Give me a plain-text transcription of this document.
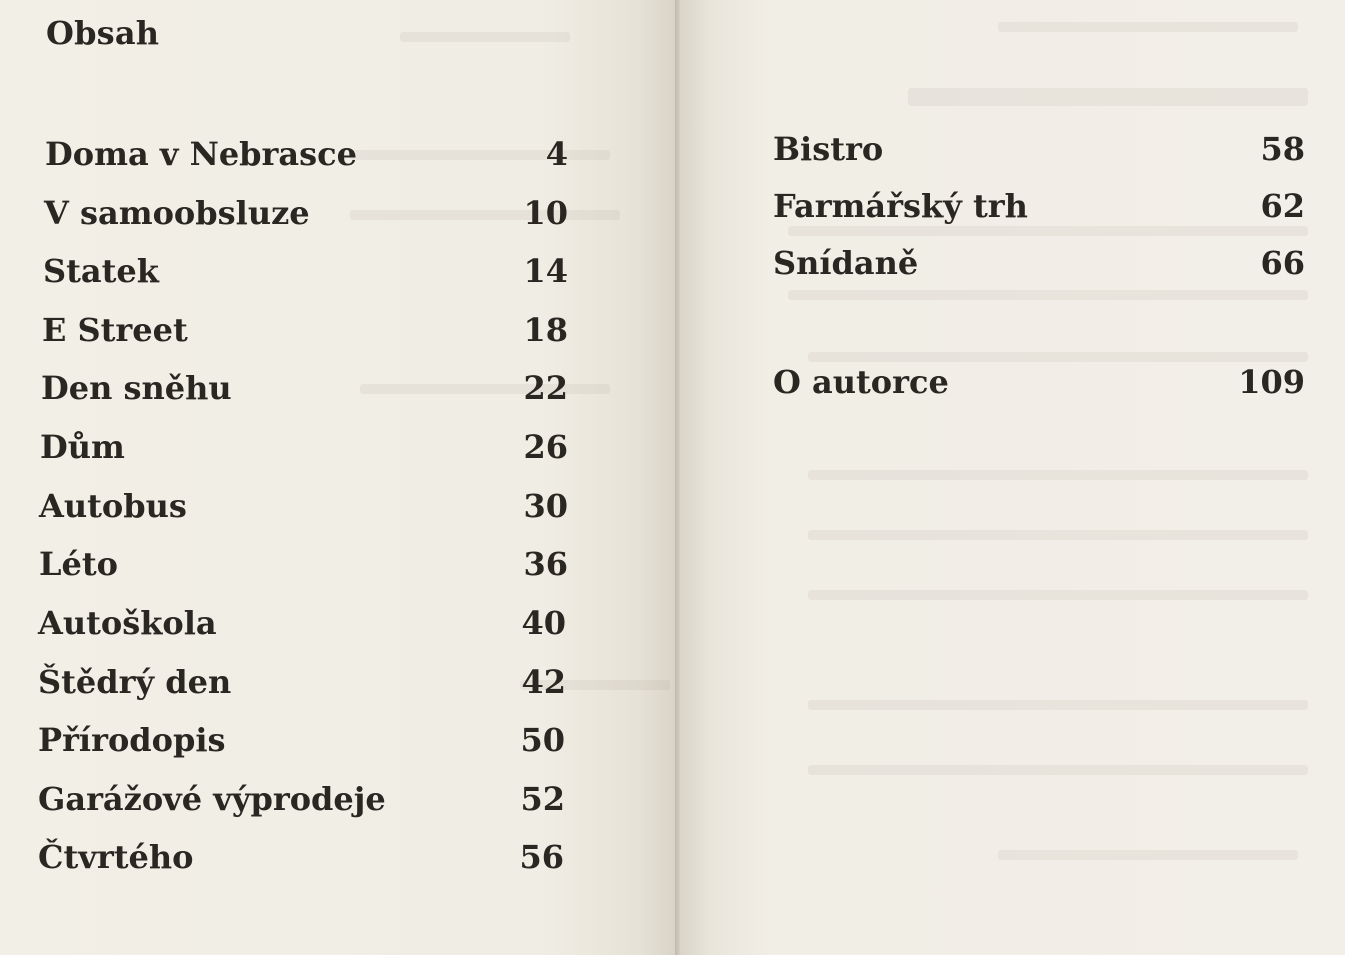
Obsah
Doma v Nebrasce	4
V samoobsluze	10
Statek	14
E Street	18
Den sněhu	22
Dům	26
Autobus	30
Léto	36
Autoškola	40
Štědrý den	42
Přírodopis	50
Garážové výprodeje	52
Čtvrtého	56
Bistro	58
Farmářský trh	62
Snídaně	66
O autorce	109
